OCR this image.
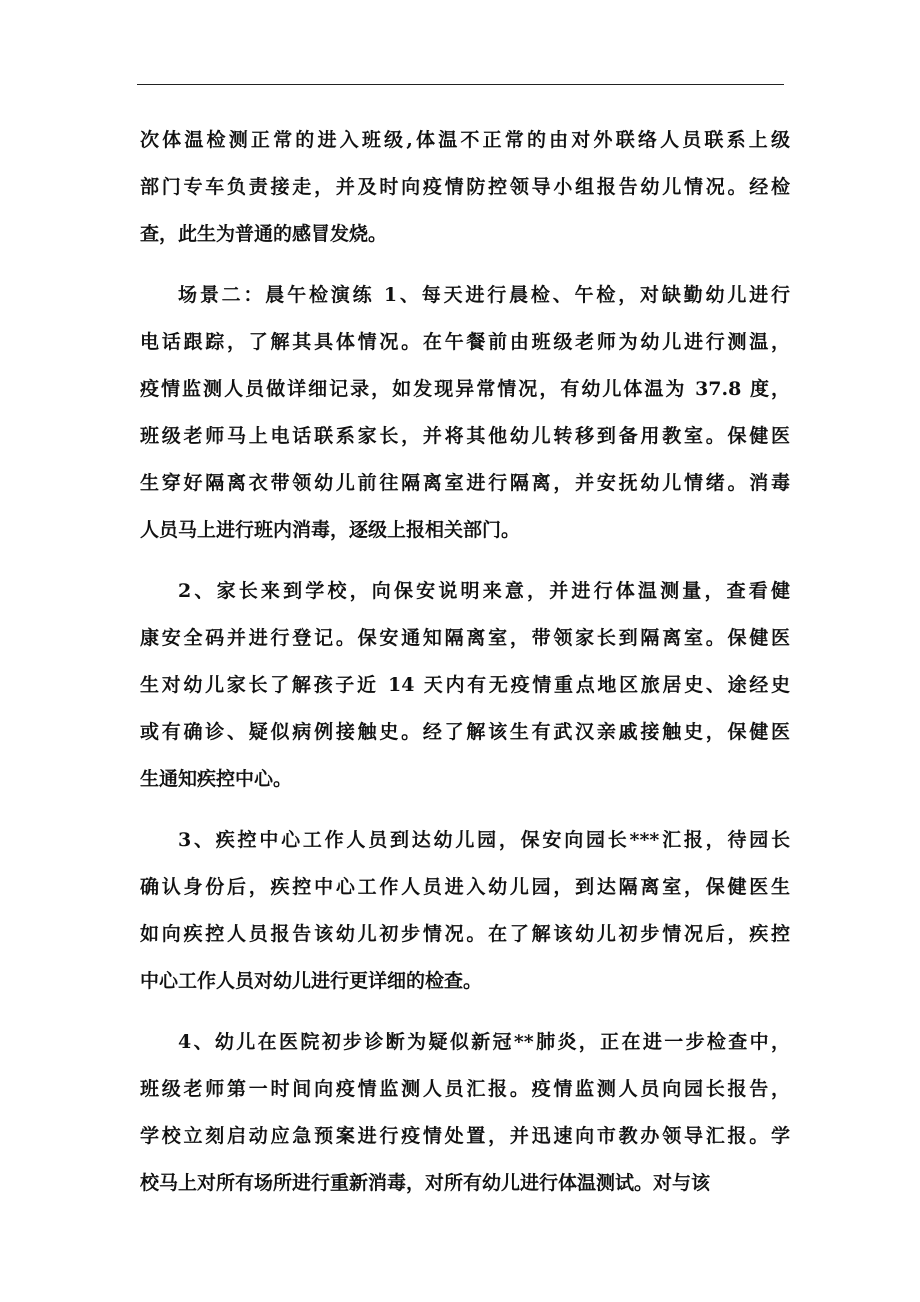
次体温检测正常的进入班级,体温不正常的由对外联络人员联系上级
部门专车负责接走，并及时向疫情防控领导小组报告幼儿情况。经检
查，此生为普通的感冒发烧。
场景二：晨午检演练 1、每天进行晨检、午检，对缺勤幼儿进行
电话跟踪，了解其具体情况。在午餐前由班级老师为幼儿进行测温，
疫情监测人员做详细记录，如发现异常情况，有幼儿体温为 37.8 度，
班级老师马上电话联系家长，并将其他幼儿转移到备用教室。保健医
生穿好隔离衣带领幼儿前往隔离室进行隔离，并安抚幼儿情绪。消毒
人员马上进行班内消毒，逐级上报相关部门。
2、家长来到学校，向保安说明来意，并进行体温测量，查看健
康安全码并进行登记。保安通知隔离室，带领家长到隔离室。保健医
生对幼儿家长了解孩子近 14 天内有无疫情重点地区旅居史、途经史
或有确诊、疑似病例接触史。经了解该生有武汉亲戚接触史，保健医
生通知疾控中心。
3、疾控中心工作人员到达幼儿园，保安向园长***汇报，待园长
确认身份后，疾控中心工作人员进入幼儿园，到达隔离室，保健医生
如向疾控人员报告该幼儿初步情况。在了解该幼儿初步情况后，疾控
中心工作人员对幼儿进行更详细的检查。
4、幼儿在医院初步诊断为疑似新冠**肺炎，正在进一步检查中，
班级老师第一时间向疫情监测人员汇报。疫情监测人员向园长报告，
学校立刻启动应急预案进行疫情处置，并迅速向市教办领导汇报。学
校马上对所有场所进行重新消毒，对所有幼儿进行体温测试。对与该
